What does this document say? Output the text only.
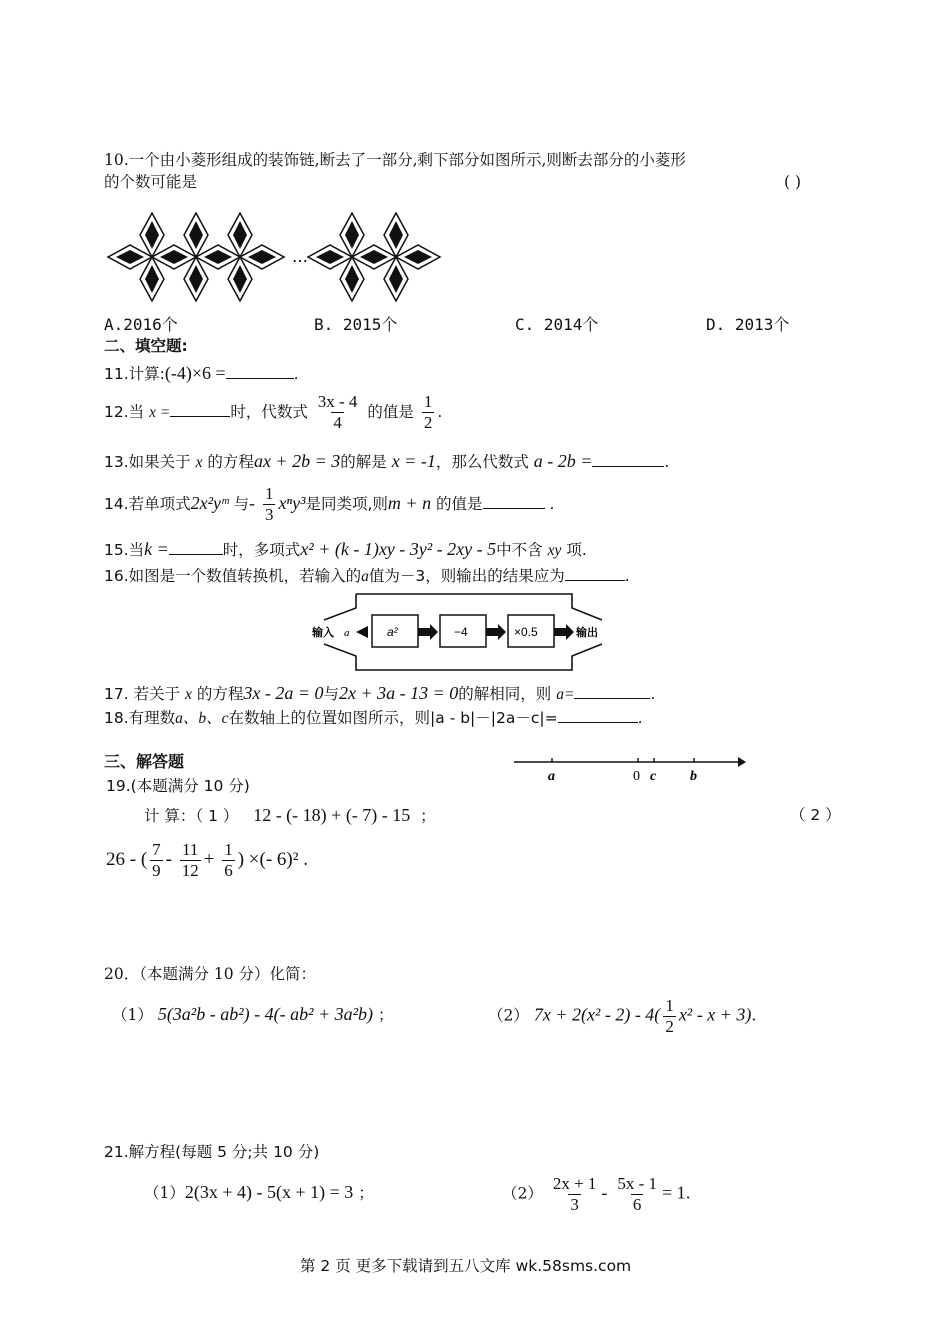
10.一个由小菱形组成的装饰链,断去了一部分,剩下部分如图所示,则断去部分的小菱形
的个数可能是	( )
…
A.2016个	B. 2015个	C. 2014个	D. 2013个
二、填空题:
11.计算:(-4)×6 =	.
12.当 x =	时，代数式 $\frac{3x - 4}{4}$ 的值是 $\frac{1}{2}$ .
13.如果关于 x 的方程ax + 2b = 3的解是 x = -1，那么代数式 a - 2b =	.
14.若单项式2x²yᵐ 与- $\frac{1}{3} x^ny^3$是同类项,则m + n 的值是	.
15.当k =	时，多项式x² + (k - 1)xy - 3y² - 2xy - 5中不含 xy 项.
16.如图是一个数值转换机，若输入的a值为－3，则输出的结果应为	.
输入 a	a²	−4	×0.5	输出
17. 若关于 x 的方程3x - 2a = 0与2x + 3a - 13 = 0的解相同，则 a=	.
18.有理数a、b、c在数轴上的位置如图所示，则|a - b|－|2a－c|=	.
三、解答题
a	0 c b
19.(本题满分 10 分)
计 算：（ 1 ） 12 - (- 18) + (- 7) - 15 ；	（ 2 ）
26 - ( $\frac{7}{9} - \frac{11}{12} + \frac{1}{6}$ ) ×(- 6)² .
20．（本题满分 10 分）化简：
（1） 5(3a²b - ab²) - 4(- ab² + 3a²b) ；	（2） $7x + 2(x^2 - 2) - 4( \frac{1}{2} x^2 - x + 3)$.
21.解方程(每题 5 分;共 10 分)
（1）2(3x + 4) - 5(x + 1) = 3 ；	$(2) \frac{2x + 1}{3} - \frac{5x - 1}{6} = 1$.
第 2 页 更多下载请到五八文库 wk.58sms.com
